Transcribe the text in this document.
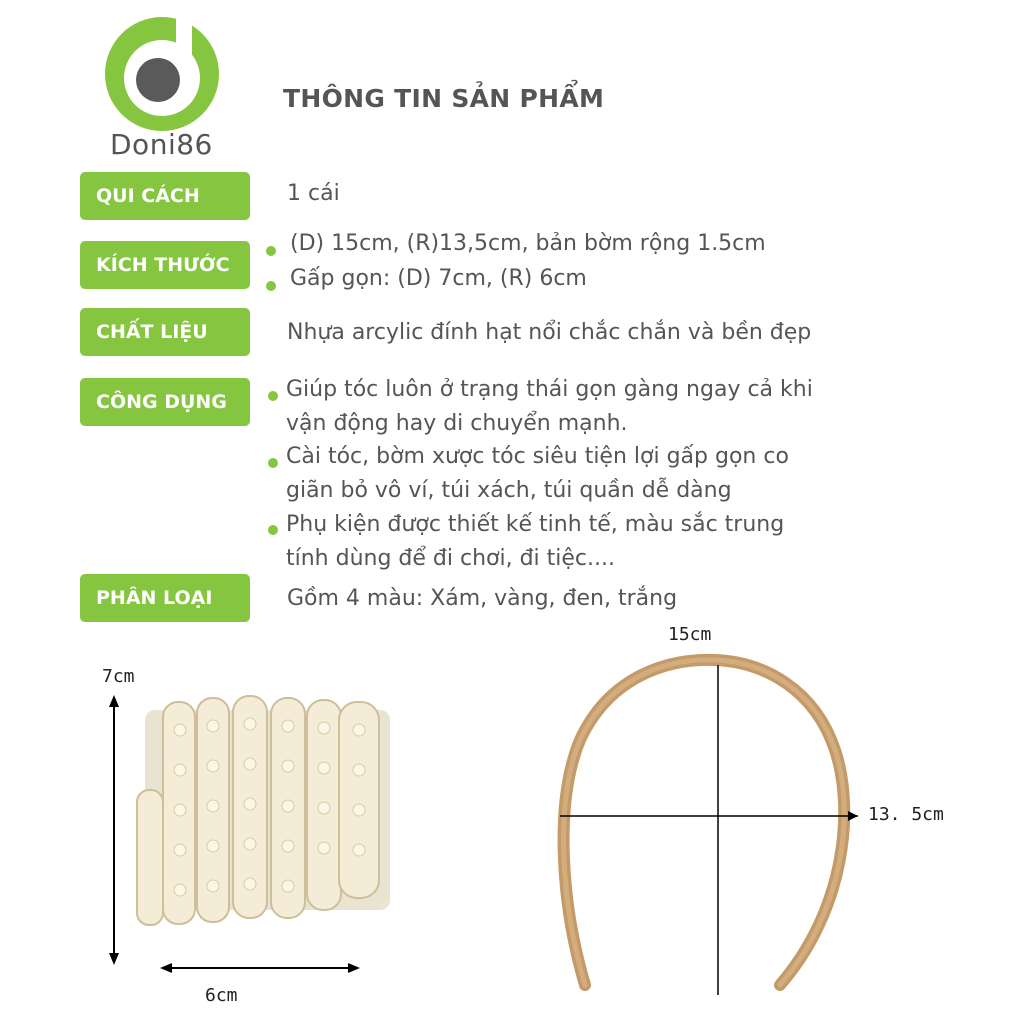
Doni86
THÔNG TIN SẢN PHẨM
QUI CÁCH	1 cái
KÍCH THƯỚC
(D) 15cm, (R)13,5cm, bản bờm rộng 1.5cm
Gấp gọn: (D) 7cm, (R) 6cm
CHẤT LIỆU	Nhựa arcylic đính hạt nổi chắc chắn và bền đẹp
CÔNG DỤNG	Giúp tóc luôn ở trạng thái gọn gàng ngay cả khi
vận động hay di chuyển mạnh.
Cài tóc, bờm xược tóc siêu tiện lợi gấp gọn co
giãn bỏ vô ví, túi xách, túi quần dễ dàng
Phụ kiện được thiết kế tinh tế, màu sắc trung
tính dùng để đi chơi, đi tiệc....
PHÂN LOẠI	Gồm 4 màu: Xám, vàng, đen, trắng
7cm
6cm
15cm
13. 5cm
